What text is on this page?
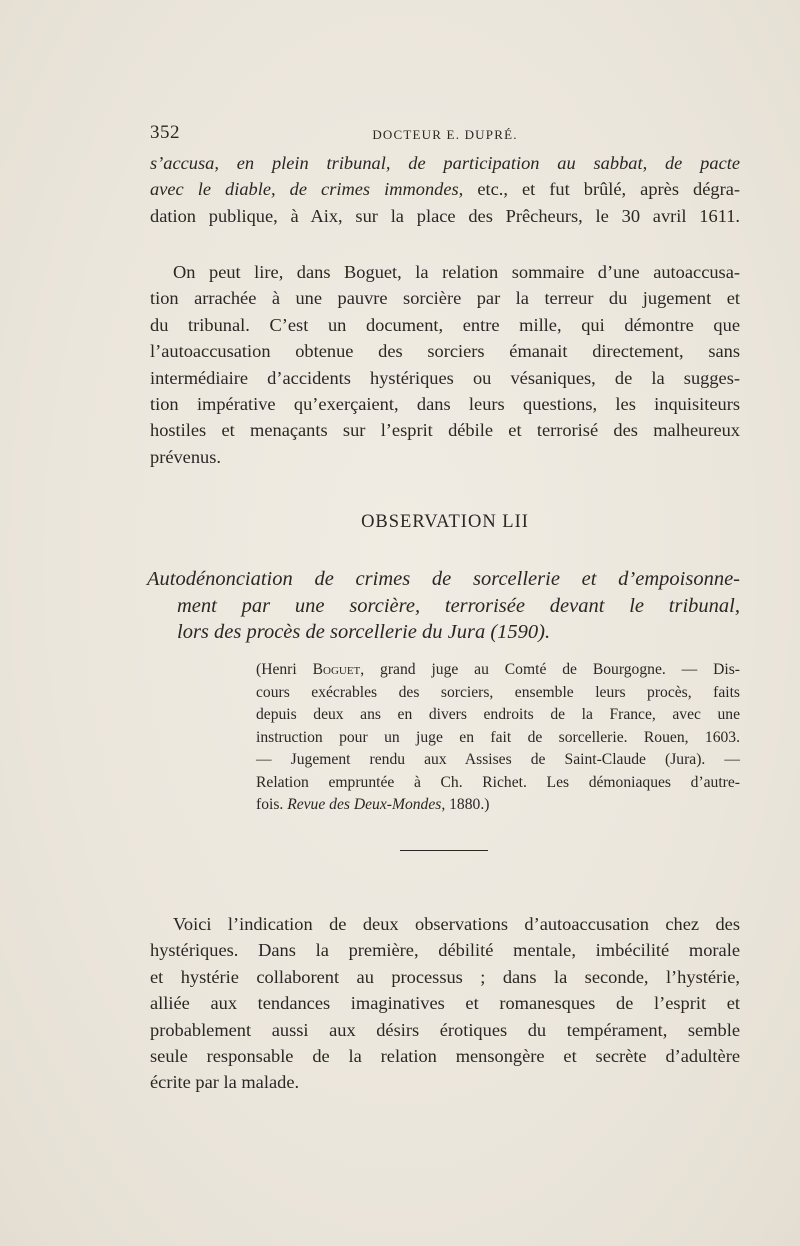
352	DOCTEUR E. DUPRÉ.
s’accusa, en plein tribunal, de participation au sabbat, de pacte
avec le diable, de crimes immondes, etc., et fut brûlé, après dégra-
dation publique, à Aix, sur la place des Prêcheurs, le 30 avril 1611.
On peut lire, dans Boguet, la relation sommaire d’une autoaccusa-
tion arrachée à une pauvre sorcière par la terreur du jugement et
du tribunal. C’est un document, entre mille, qui démontre que
l’autoaccusation obtenue des sorciers émanait directement, sans
intermédiaire d’accidents hystériques ou vésaniques, de la sugges-
tion impérative qu’exerçaient, dans leurs questions, les inquisiteurs
hostiles et menaçants sur l’esprit débile et terrorisé des malheureux
prévenus.
OBSERVATION LII
Autodénonciation de crimes de sorcellerie et d’empoisonne-
ment par une sorcière, terrorisée devant le tribunal,
lors des procès de sorcellerie du Jura (1590).
(Henri Boguet, grand juge au Comté de Bourgogne. — Dis-
cours exécrables des sorciers, ensemble leurs procès, faits
depuis deux ans en divers endroits de la France, avec une
instruction pour un juge en fait de sorcellerie. Rouen, 1603.
— Jugement rendu aux Assises de Saint-Claude (Jura). —
Relation empruntée à Ch. Richet. Les démoniaques d’autre-
fois. Revue des Deux-Mondes, 1880.)
Voici l’indication de deux observations d’autoaccusation chez des
hystériques. Dans la première, débilité mentale, imbécilité morale
et hystérie collaborent au processus ; dans la seconde, l’hystérie,
alliée aux tendances imaginatives et romanesques de l’esprit et
probablement aussi aux désirs érotiques du tempérament, semble
seule responsable de la relation mensongère et secrète d’adultère
écrite par la malade.
